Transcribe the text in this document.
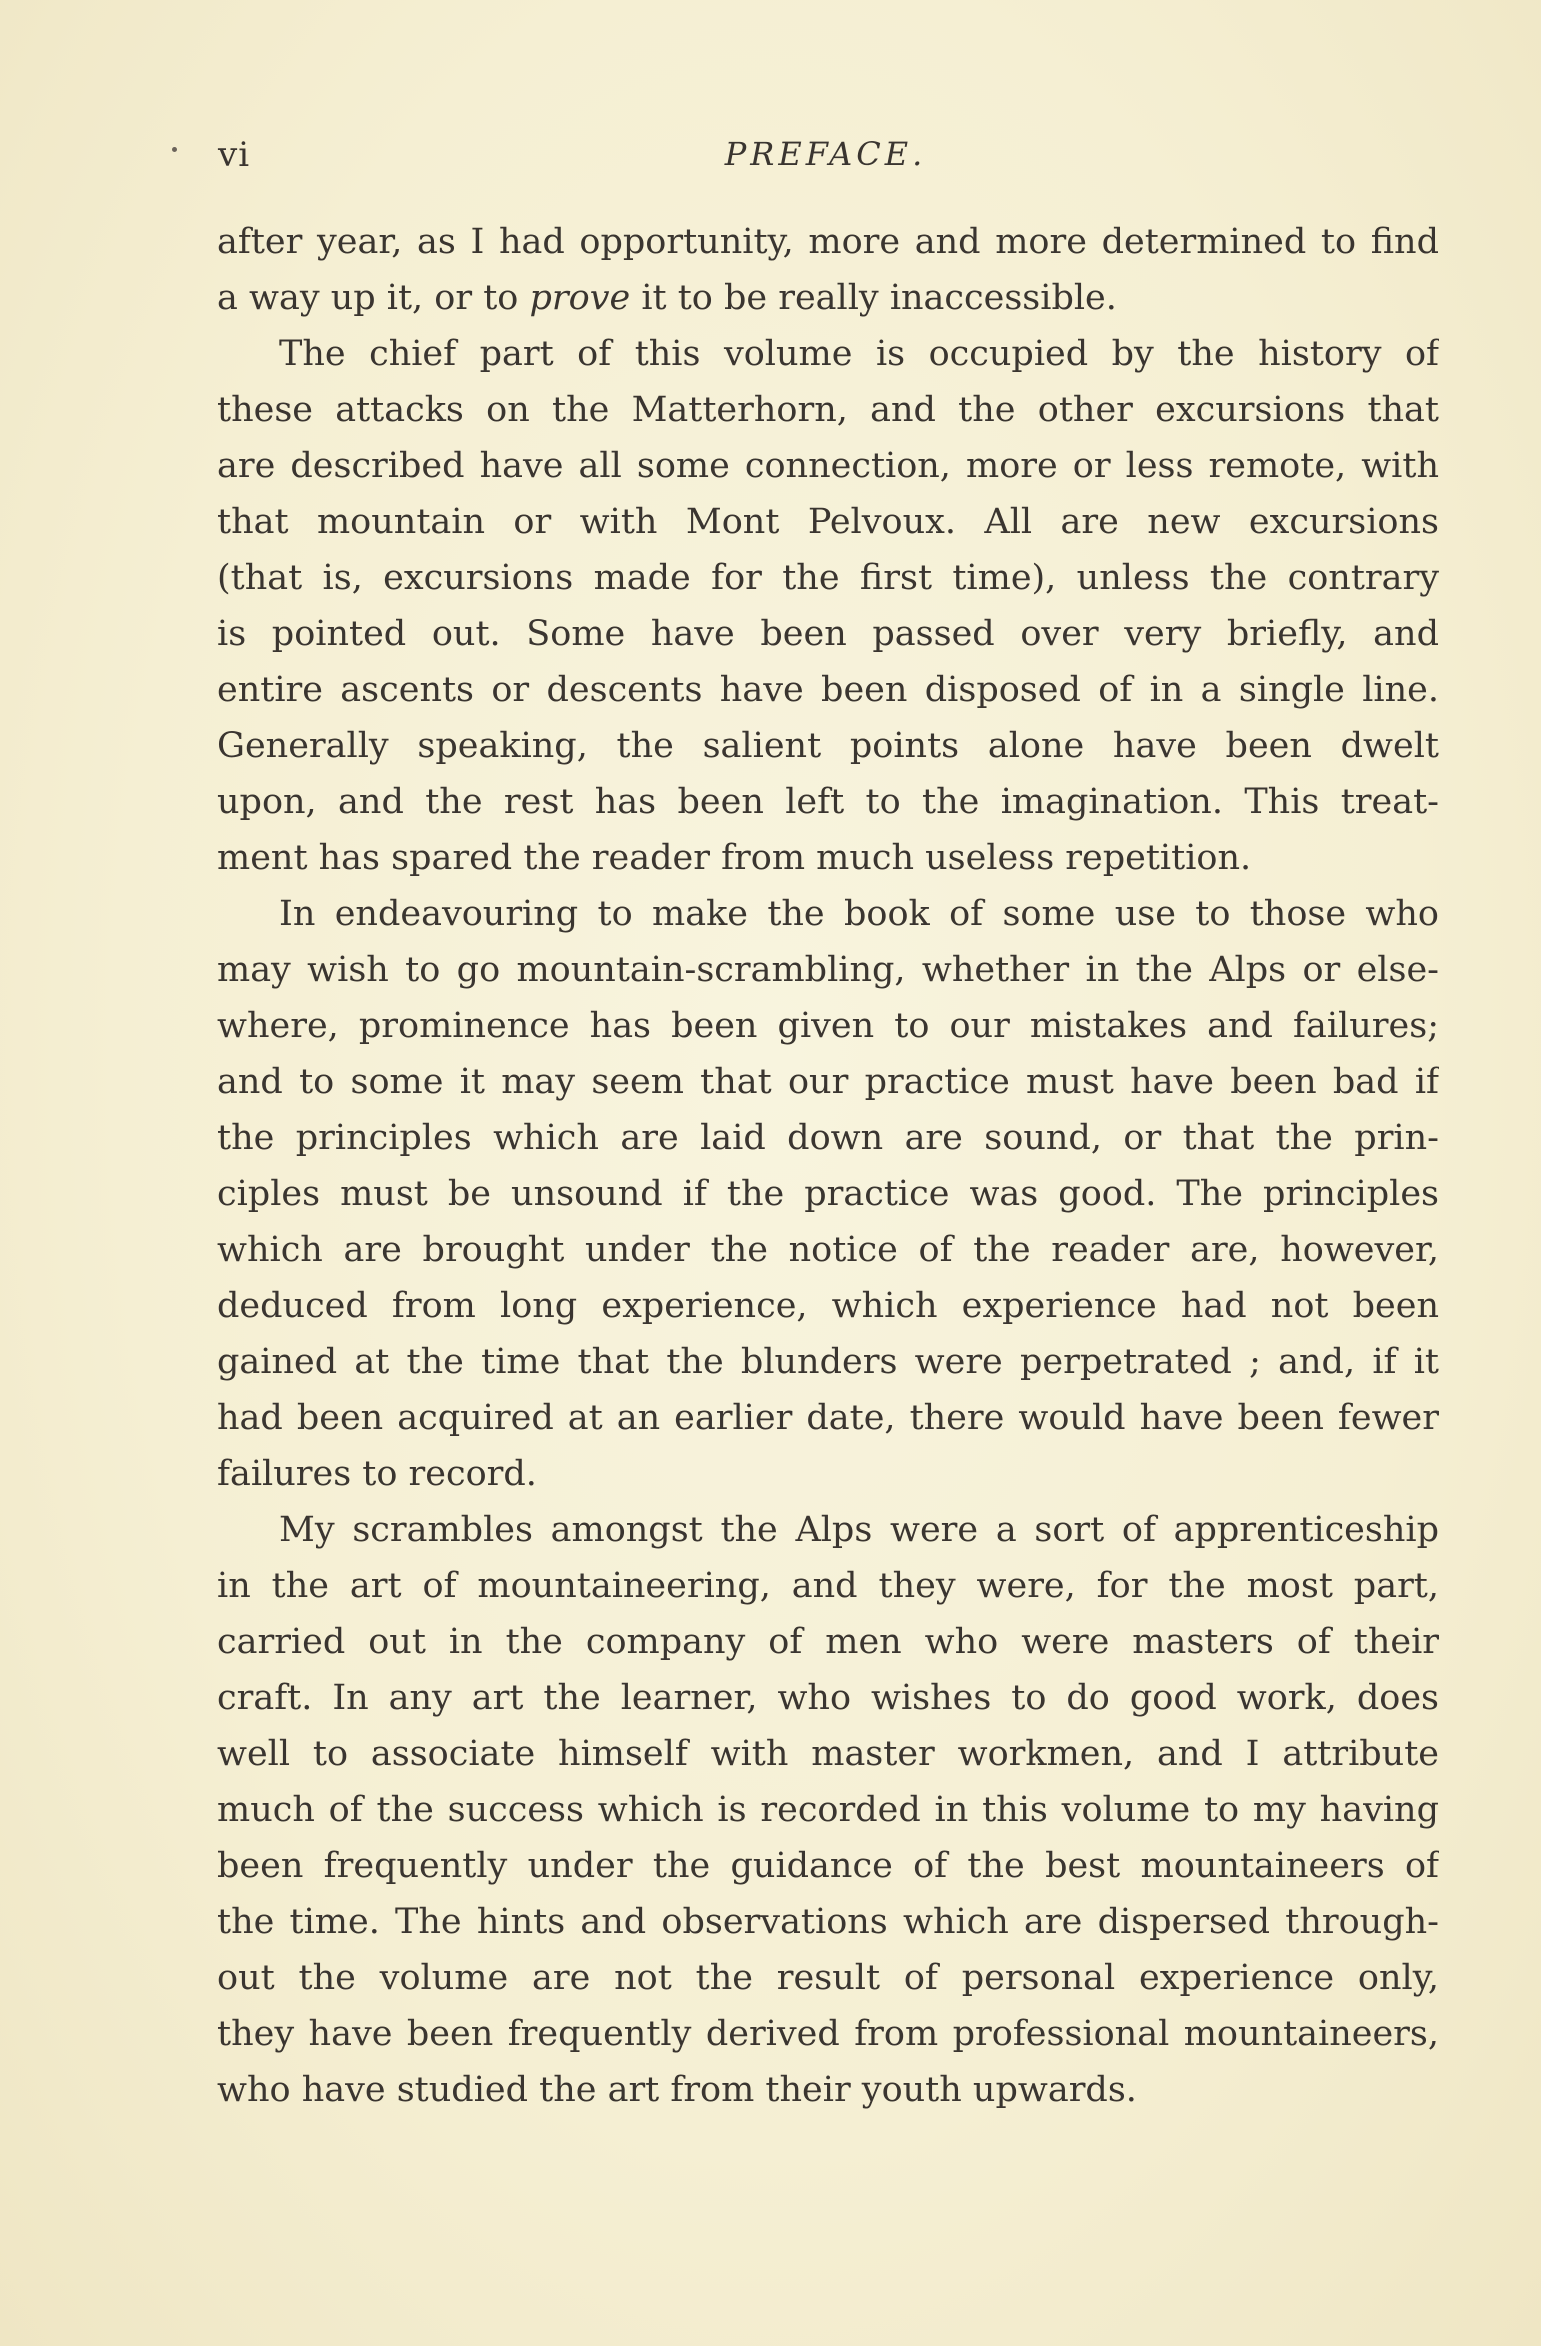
vi	PREFACE.
after year, as I had opportunity, more and more determined to find
a way up it, or to prove it to be really inaccessible.
The chief part of this volume is occupied by the history of
these attacks on the Matterhorn, and the other excursions that
are described have all some connection, more or less remote, with
that mountain or with Mont Pelvoux. All are new excursions
(that is, excursions made for the first time), unless the contrary
is pointed out. Some have been passed over very briefly, and
entire ascents or descents have been disposed of in a single line.
Generally speaking, the salient points alone have been dwelt
upon, and the rest has been left to the imagination. This treat-
ment has spared the reader from much useless repetition.
In endeavouring to make the book of some use to those who
may wish to go mountain-scrambling, whether in the Alps or else-
where, prominence has been given to our mistakes and failures;
and to some it may seem that our practice must have been bad if
the principles which are laid down are sound, or that the prin-
ciples must be unsound if the practice was good. The principles
which are brought under the notice of the reader are, however,
deduced from long experience, which experience had not been
gained at the time that the blunders were perpetrated ; and, if it
had been acquired at an earlier date, there would have been fewer
failures to record.
My scrambles amongst the Alps were a sort of apprenticeship
in the art of mountaineering, and they were, for the most part,
carried out in the company of men who were masters of their
craft. In any art the learner, who wishes to do good work, does
well to associate himself with master workmen, and I attribute
much of the success which is recorded in this volume to my having
been frequently under the guidance of the best mountaineers of
the time. The hints and observations which are dispersed through-
out the volume are not the result of personal experience only,
they have been frequently derived from professional mountaineers,
who have studied the art from their youth upwards.
